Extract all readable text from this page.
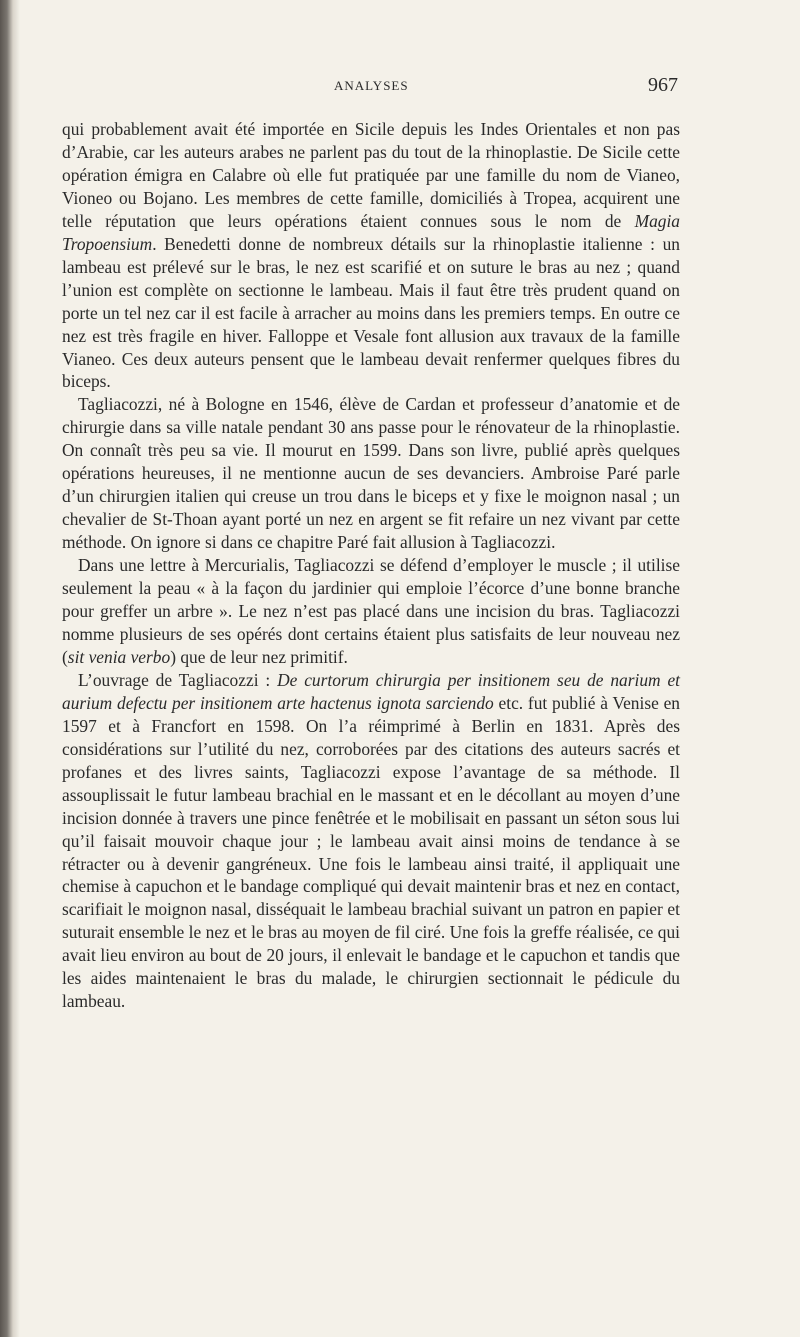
ANALYSES	967

qui probablement avait été importée en Sicile depuis les Indes Orientales et non pas d’Arabie, car les auteurs arabes ne parlent pas du tout de la rhinoplastie. De Sicile cette opération émigra en Calabre où elle fut pratiquée par une famille du nom de Vianeo, Vioneo ou Bojano. Les membres de cette famille, domiciliés à Tropea, acquirent une telle réputation que leurs opérations étaient connues sous le nom de Magia Tropoensium. Benedetti donne de nombreux détails sur la rhinoplastie italienne : un lambeau est prélevé sur le bras, le nez est scarifié et on suture le bras au nez ; quand l’union est complète on sectionne le lambeau. Mais il faut être très prudent quand on porte un tel nez car il est facile à arracher au moins dans les premiers temps. En outre ce nez est très fragile en hiver. Falloppe et Vesale font allusion aux travaux de la famille Vianeo. Ces deux auteurs pensent que le lambeau devait renfermer quelques fibres du biceps.

Tagliacozzi, né à Bologne en 1546, élève de Cardan et professeur d’anatomie et de chirurgie dans sa ville natale pendant 30 ans passe pour le rénovateur de la rhinoplastie. On connaît très peu sa vie. Il mourut en 1599. Dans son livre, publié après quelques opérations heureuses, il ne mentionne aucun de ses devanciers. Ambroise Paré parle d’un chirurgien italien qui creuse un trou dans le biceps et y fixe le moignon nasal ; un chevalier de St-Thoan ayant porté un nez en argent se fit refaire un nez vivant par cette méthode. On ignore si dans ce chapitre Paré fait allusion à Tagliacozzi.

Dans une lettre à Mercurialis, Tagliacozzi se défend d’employer le muscle ; il utilise seulement la peau « à la façon du jardinier qui emploie l’écorce d’une bonne branche pour greffer un arbre ». Le nez n’est pas placé dans une incision du bras. Tagliacozzi nomme plusieurs de ses opérés dont certains étaient plus satisfaits de leur nouveau nez (sit venia verbo) que de leur nez primitif.

L’ouvrage de Tagliacozzi : De curtorum chirurgia per insitionem seu de narium et aurium defectu per insitionem arte hactenus ignota sarciendo etc. fut publié à Venise en 1597 et à Francfort en 1598. On l’a réimprimé à Berlin en 1831. Après des considérations sur l’utilité du nez, corroborées par des citations des auteurs sacrés et profanes et des livres saints, Tagliacozzi expose l’avantage de sa méthode. Il assouplissait le futur lambeau brachial en le massant et en le décollant au moyen d’une incision donnée à travers une pince fenêtrée et le mobilisait en passant un séton sous lui qu’il faisait mouvoir chaque jour ; le lambeau avait ainsi moins de tendance à se rétracter ou à devenir gangréneux. Une fois le lambeau ainsi traité, il appliquait une chemise à capuchon et le bandage compliqué qui devait maintenir bras et nez en contact, scarifiait le moignon nasal, disséquait le lambeau brachial suivant un patron en papier et suturait ensemble le nez et le bras au moyen de fil ciré. Une fois la greffe réalisée, ce qui avait lieu environ au bout de 20 jours, il enlevait le bandage et le capuchon et tandis que les aides maintenaient le bras du malade, le chirurgien sectionnait le pédicule du lambeau.
